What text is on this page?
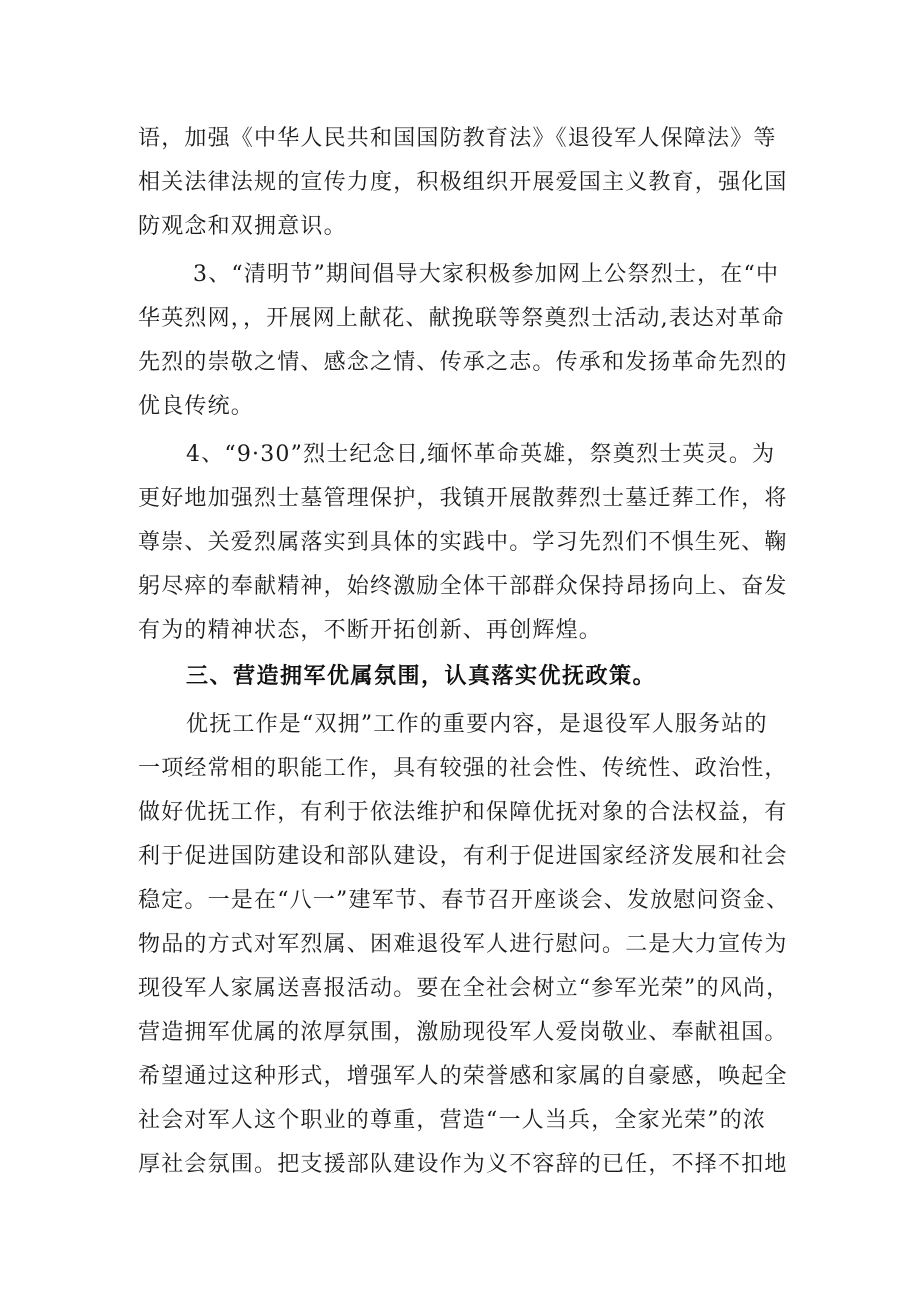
语，加强《中华人民共和国国防教育法》《退役军人保障法》等
相关法律法规的宣传力度，积极组织开展爱国主义教育，强化国
防观念和双拥意识。
3、“清明节”期间倡导大家积极参加网上公祭烈士，在“中
华英烈网，，开展网上献花、献挽联等祭奠烈士活动,表达对革命
先烈的崇敬之情、感念之情、传承之志。传承和发扬革命先烈的
优良传统。
4、“9·30”烈士纪念日,缅怀革命英雄，祭奠烈士英灵。为
更好地加强烈士墓管理保护，我镇开展散葬烈士墓迁葬工作，将
尊崇、关爱烈属落实到具体的实践中。学习先烈们不惧生死、鞠
躬尽瘁的奉献精神，始终激励全体干部群众保持昂扬向上、奋发
有为的精神状态，不断开拓创新、再创辉煌。
三、营造拥军优属氛围，认真落实优抚政策。
优抚工作是“双拥”工作的重要内容，是退役军人服务站的
一项经常相的职能工作，具有较强的社会性、传统性、政治性，
做好优抚工作，有利于依法维护和保障优抚对象的合法权益，有
利于促进国防建设和部队建设，有利于促进国家经济发展和社会
稳定。一是在“八一”建军节、春节召开座谈会、发放慰问资金、
物品的方式对军烈属、困难退役军人进行慰问。二是大力宣传为
现役军人家属送喜报活动。要在全社会树立“参军光荣”的风尚，
营造拥军优属的浓厚氛围，激励现役军人爱岗敬业、奉献祖国。
希望通过这种形式，增强军人的荣誉感和家属的自豪感，唤起全
社会对军人这个职业的尊重，营造“一人当兵，全家光荣”的浓
厚社会氛围。把支援部队建设作为义不容辞的已任，不择不扣地
